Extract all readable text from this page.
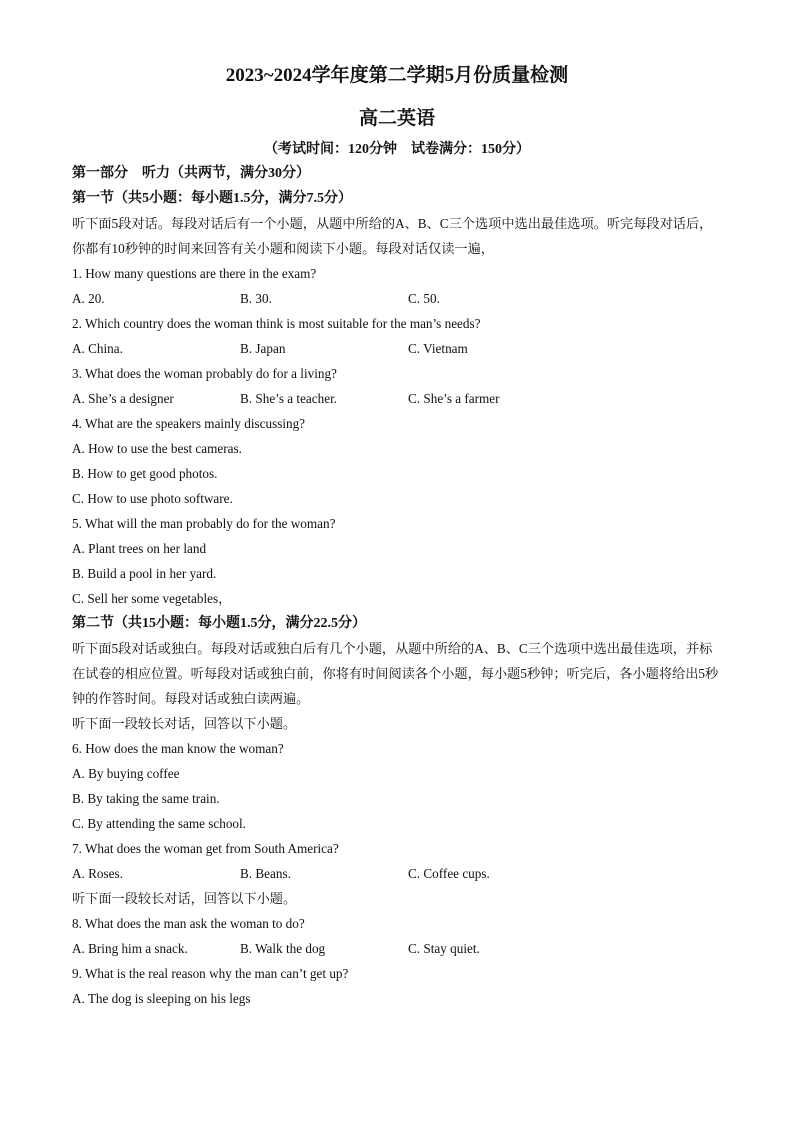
2023~2024学年度第二学期5月份质量检测
高二英语
（考试时间：120分钟　试卷满分：150分）
第一部分　听力（共两节，满分30分）
第一节（共5小题：每小题1.5分，满分7.5分）
听下面5段对话。每段对话后有一个小题，从题中所给的A、B、C三个选项中选出最佳选项。听完每段对话后，你都有10秒钟的时间来回答有关小题和阅读下小题。每段对话仅读一遍，
1. How many questions are there in the exam?
A. 20.	B. 30.	C. 50.
2. Which country does the woman think is most suitable for the man’s needs?
A. China.	B. Japan	C. Vietnam
3. What does the woman probably do for a living?
A. She’s a designer	B. She’s a teacher.	C. She’s a farmer
4. What are the speakers mainly discussing?
A. How to use the best cameras.
B. How to get good photos.
C. How to use photo software.
5. What will the man probably do for the woman?
A. Plant trees on her land
B. Build a pool in her yard.
C. Sell her some vegetables，
第二节（共15小题：每小题1.5分，满分22.5分）
听下面5段对话或独白。每段对话或独白后有几个小题，从题中所给的A、B、C三个选项中选出最佳选项，并标在试卷的相应位置。听每段对话或独白前，你将有时间阅读各个小题，每小题5秒钟；听完后，各小题将给出5秒钟的作答时间。每段对话或独白读两遍。
听下面一段较长对话，回答以下小题。
6. How does the man know the woman?
A. By buying coffee
B. By taking the same train.
C. By attending the same school.
7. What does the woman get from South America?
A. Roses.	B. Beans.	C. Coffee cups.
听下面一段较长对话，回答以下小题。
8. What does the man ask the woman to do?
A. Bring him a snack.	B. Walk the dog	C. Stay quiet.
9. What is the real reason why the man can’t get up?
A. The dog is sleeping on his legs
